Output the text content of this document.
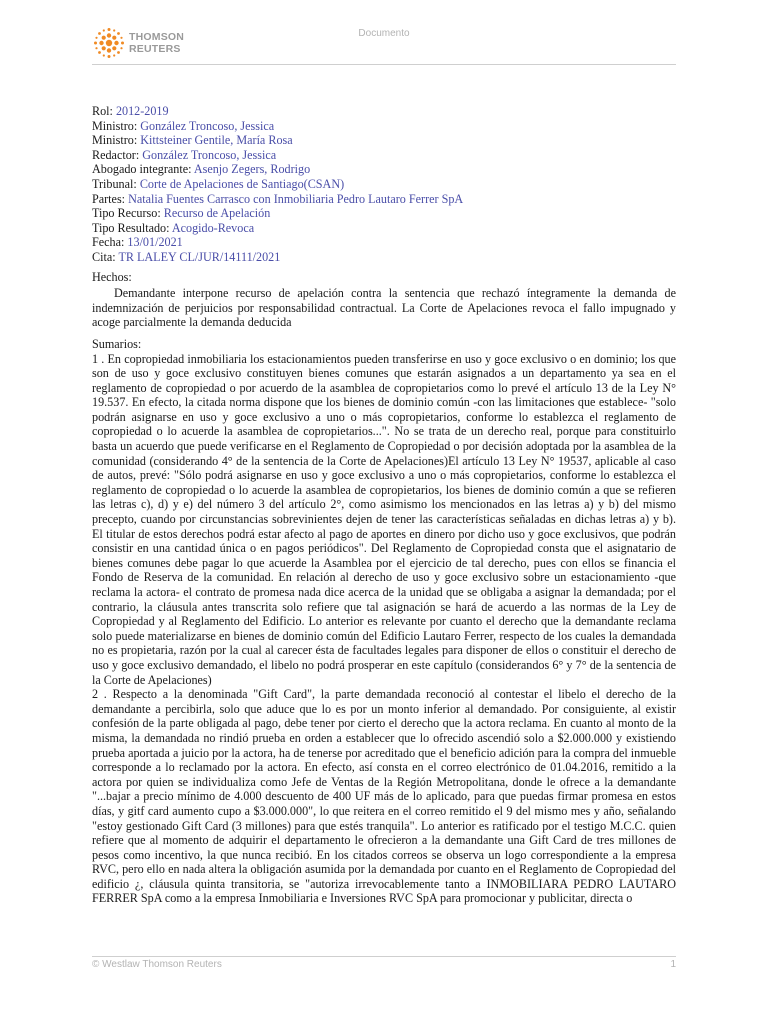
THOMSON
REUTERS
Documento
Rol: 2012-2019
Ministro: González Troncoso, Jessica
Ministro: Kittsteiner Gentile, María Rosa
Redactor: González Troncoso, Jessica
Abogado integrante: Asenjo Zegers, Rodrigo
Tribunal: Corte de Apelaciones de Santiago(CSAN)
Partes: Natalia Fuentes Carrasco con Inmobiliaria Pedro Lautaro Ferrer SpA
Tipo Recurso: Recurso de Apelación
Tipo Resultado: Acogido-Revoca
Fecha: 13/01/2021
Cita: TR LALEY CL/JUR/14111/2021
Hechos:
Demandante interpone recurso de apelación contra la sentencia que rechazó íntegramente la demanda de indemnización de perjuicios por responsabilidad contractual. La Corte de Apelaciones revoca el fallo impugnado y acoge parcialmente la demanda deducida
Sumarios:
1 . En copropiedad inmobiliaria los estacionamientos pueden transferirse en uso y goce exclusivo o en dominio; los que son de uso y goce exclusivo constituyen bienes comunes que estarán asignados a un departamento ya sea en el reglamento de copropiedad o por acuerdo de la asamblea de copropietarios como lo prevé el artículo 13 de la Ley N° 19.537. En efecto, la citada norma dispone que los bienes de dominio común -con las limitaciones que establece- "solo podrán asignarse en uso y goce exclusivo a uno o más copropietarios, conforme lo establezca el reglamento de copropiedad o lo acuerde la asamblea de copropietarios...". No se trata de un derecho real, porque para constituirlo basta un acuerdo que puede verificarse en el Reglamento de Copropiedad o por decisión adoptada por la asamblea de la comunidad (considerando 4° de la sentencia de la Corte de Apelaciones)El artículo 13 Ley N° 19537, aplicable al caso de autos, prevé: "Sólo podrá asignarse en uso y goce exclusivo a uno o más copropietarios, conforme lo establezca el reglamento de copropiedad o lo acuerde la asamblea de copropietarios, los bienes de dominio común a que se refieren las letras c), d) y e) del número 3 del artículo 2°, como asimismo los mencionados en las letras a) y b) del mismo precepto, cuando por circunstancias sobrevinientes dejen de tener las características señaladas en dichas letras a) y b). El titular de estos derechos podrá estar afecto al pago de aportes en dinero por dicho uso y goce exclusivos, que podrán consistir en una cantidad única o en pagos periódicos". Del Reglamento de Copropiedad consta que el asignatario de bienes comunes debe pagar lo que acuerde la Asamblea por el ejercicio de tal derecho, pues con ellos se financia el Fondo de Reserva de la comunidad. En relación al derecho de uso y goce exclusivo sobre un estacionamiento -que reclama la actora- el contrato de promesa nada dice acerca de la unidad que se obligaba a asignar la demandada; por el contrario, la cláusula antes transcrita solo refiere que tal asignación se hará de acuerdo a las normas de la Ley de Copropiedad y al Reglamento del Edificio. Lo anterior es relevante por cuanto el derecho que la demandante reclama solo puede materializarse en bienes de dominio común del Edificio Lautaro Ferrer, respecto de los cuales la demandada no es propietaria, razón por la cual al carecer ésta de facultades legales para disponer de ellos o constituir el derecho de uso y goce exclusivo demandado, el libelo no podrá prosperar en este capítulo (considerandos 6° y 7° de la sentencia de la Corte de Apelaciones)
2 . Respecto a la denominada "Gift Card", la parte demandada reconoció al contestar el libelo el derecho de la demandante a percibirla, solo que aduce que lo es por un monto inferior al demandado. Por consiguiente, al existir confesión de la parte obligada al pago, debe tener por cierto el derecho que la actora reclama. En cuanto al monto de la misma, la demandada no rindió prueba en orden a establecer que lo ofrecido ascendió solo a $2.000.000 y existiendo prueba aportada a juicio por la actora, ha de tenerse por acreditado que el beneficio adición para la compra del inmueble corresponde a lo reclamado por la actora. En efecto, así consta en el correo electrónico de 01.04.2016, remitido a la actora por quien se individualiza como Jefe de Ventas de la Región Metropolitana, donde le ofrece a la demandante "...bajar a precio mínimo de 4.000 descuento de 400 UF más de lo aplicado, para que puedas firmar promesa en estos días, y gitf card aumento cupo a $3.000.000", lo que reitera en el correo remitido el 9 del mismo mes y año, señalando "estoy gestionado Gift Card (3 millones) para que estés tranquila". Lo anterior es ratificado por el testigo M.C.C. quien refiere que al momento de adquirir el departamento le ofrecieron a la demandante una Gift Card de tres millones de pesos como incentivo, la que nunca recibió. En los citados correos se observa un logo correspondiente a la empresa RVC, pero ello en nada altera la obligación asumida por la demandada por cuanto en el Reglamento de Copropiedad del edificio ¿, cláusula quinta transitoria, se "autoriza irrevocablemente tanto a INMOBILIARA PEDRO LAUTARO FERRER SpA como a la empresa Inmobiliaria e Inversiones RVC SpA para promocionar y publicitar, directa o
© Westlaw Thomson Reuters	1
